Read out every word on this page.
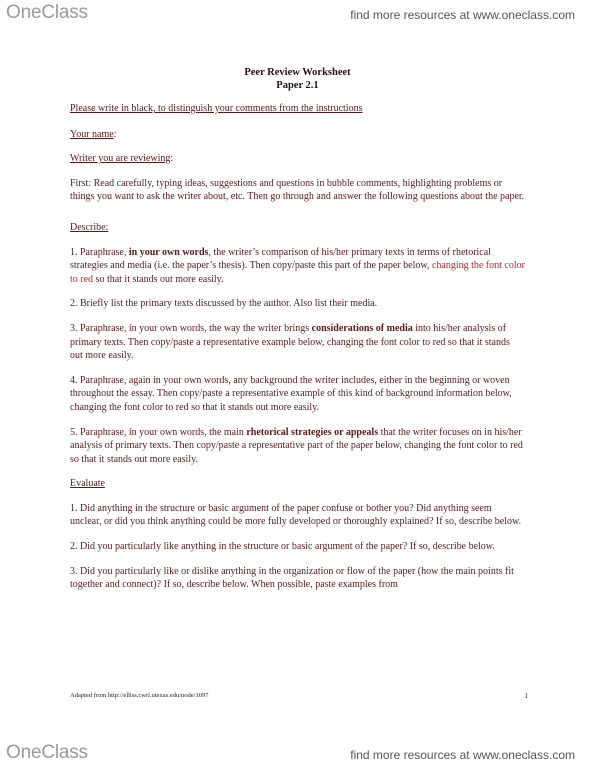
OneClass	find more resources at www.oneclass.com
Peer Review Worksheet
Paper 2.1

Please write in black, to distinguish your comments from the instructions

Your name:

Writer you are reviewing:

First: Read carefully, typing ideas, suggestions and questions in bubble comments, highlighting problems or things you want to ask the writer about, etc. Then go through and answer the following questions about the paper.

Describe:

1. Paraphrase, in your own words, the writer’s comparison of his/her primary texts in terms of rhetorical strategies and media (i.e. the paper’s thesis). Then copy/paste this part of the paper below, changing the font color to red so that it stands out more easily.

2. Briefly list the primary texts discussed by the author. Also list their media.

3. Paraphrase, in your own words, the way the writer brings considerations of media into his/her analysis of primary texts. Then copy/paste a representative example below, changing the font color to red so that it stands out more easily.

4. Paraphrase, again in your own words, any background the writer includes, either in the beginning or woven throughout the essay. Then copy/paste a representative example of this kind of background information below, changing the font color to red so that it stands out more easily.

5. Paraphrase, in your own words, the main rhetorical strategies or appeals that the writer focuses on in his/her analysis of primary texts. Then copy/paste a representative part of the paper below, changing the font color to red so that it stands out more easily.

Evaluate

1. Did anything in the structure or basic argument of the paper confuse or bother you? Did anything seem unclear, or did you think anything could be more fully developed or thoroughly explained? If so, describe below.

2. Did you particularly like anything in the structure or basic argument of the paper? If so, describe below.

3. Did you particularly like or dislike anything in the organization or flow of the paper (how the main points fit together and connect)? If so, describe below. When possible, paste examples from

Adapted from http://elliss.cwrl.utexas.edu/node/1097	1
OneClass	find more resources at www.oneclass.com
